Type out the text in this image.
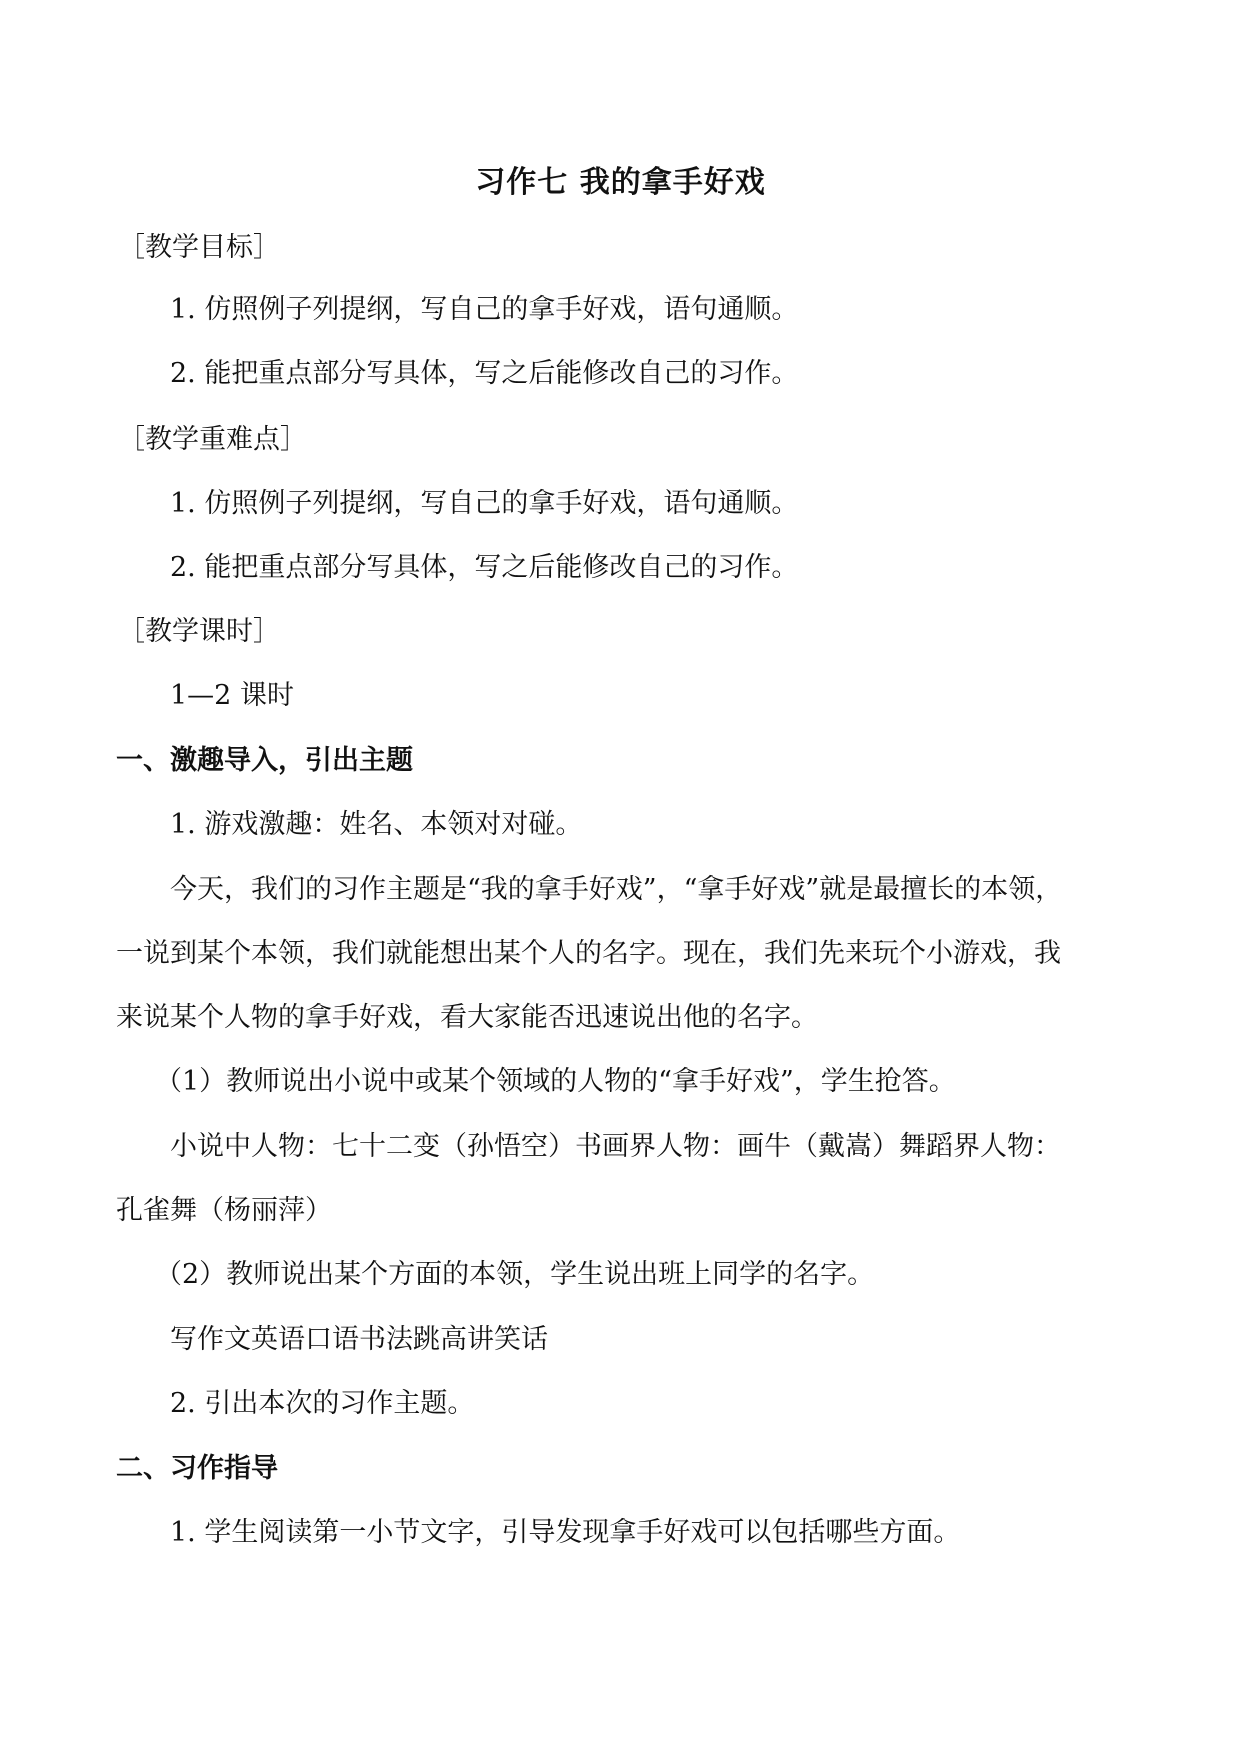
习作七 我的拿手好戏
［教学目标］
1. 仿照例子列提纲，写自己的拿手好戏，语句通顺。
2. 能把重点部分写具体，写之后能修改自己的习作。
［教学重难点］
1. 仿照例子列提纲，写自己的拿手好戏，语句通顺。
2. 能把重点部分写具体，写之后能修改自己的习作。
［教学课时］
1—2 课时
一、激趣导入，引出主题
1. 游戏激趣：姓名、本领对对碰。
今天，我们的习作主题是“我的拿手好戏”，“拿手好戏”就是最擅长的本领，
一说到某个本领，我们就能想出某个人的名字。现在，我们先来玩个小游戏，我
来说某个人物的拿手好戏，看大家能否迅速说出他的名字。
（1）教师说出小说中或某个领域的人物的“拿手好戏”，学生抢答。
小说中人物：七十二变（孙悟空）书画界人物：画牛（戴嵩）舞蹈界人物：
孔雀舞（杨丽萍）
（2）教师说出某个方面的本领，学生说出班上同学的名字。
写作文英语口语书法跳高讲笑话
2. 引出本次的习作主题。
二、习作指导
1. 学生阅读第一小节文字，引导发现拿手好戏可以包括哪些方面。
